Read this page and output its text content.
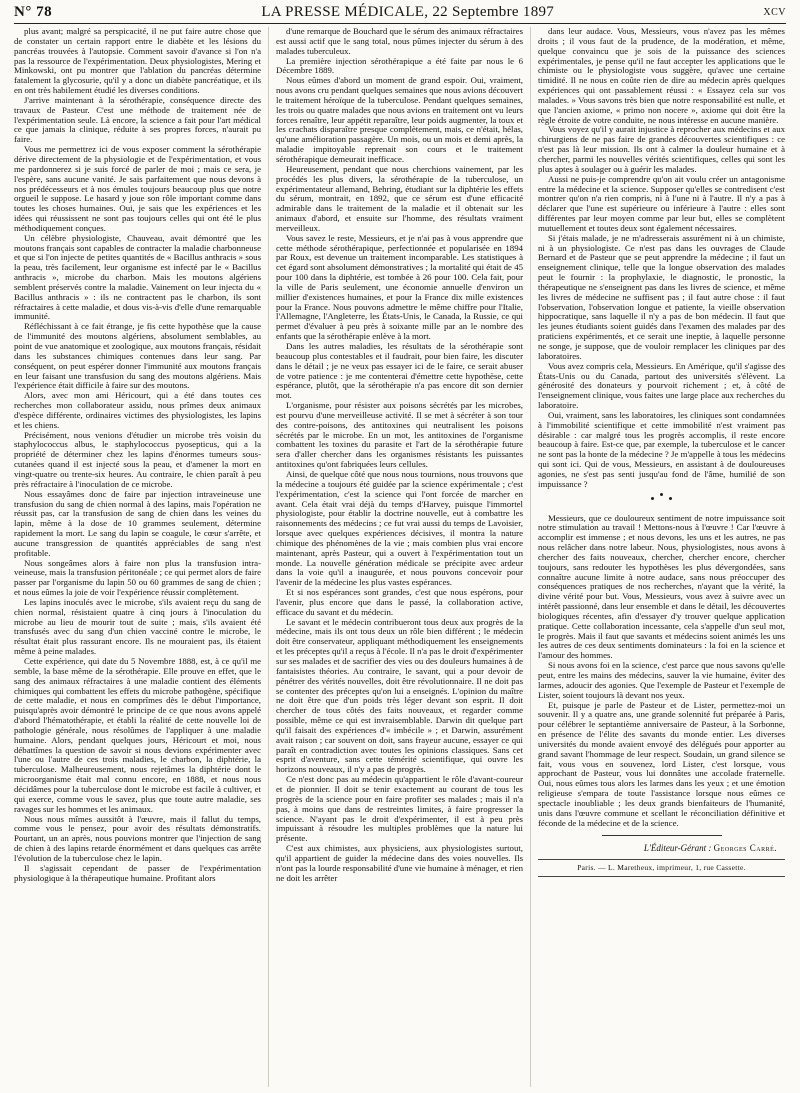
N° 78	LA PRESSE MÉDICALE, 22 Septembre 1897	XCV

plus avant; malgré sa perspicacité, il ne put faire autre chose que de constater un certain rapport entre le diabète et les lésions du pancréas trouvées à l'autopsie. Comment savoir d'avance si l'on n'a pas la ressource de l'expérimentation. Deux physiologistes, Mering et Minkowski, ont pu montrer que l'ablation du pancréas détermine fatalement la glycosurie, qu'il y a donc un diabète pancréatique, et ils en ont très habilement étudié les diverses conditions.

J'arrive maintenant à la sérothérapie, conséquence directe des travaux de Pasteur. C'est une méthode de traitement née de l'expérimentation seule. Là encore, la science a fait pour l'art médical ce que jamais la clinique, réduite à ses propres forces, n'aurait pu faire.

Vous me permettrez ici de vous exposer comment la sérothérapie dérive directement de la physiologie et de l'expérimentation, et vous me pardonnerez si je suis forcé de parler de moi ; mais ce sera, je l'espère, sans aucune vanité. Je sais parfaitement que nous devons à nos prédécesseurs et à nos émules toujours beaucoup plus que notre orgueil le suppose. Le hasard y joue son rôle important comme dans toutes les choses humaines. Oui, je sais que les expériences et les idées qui réussissent ne sont pas toujours celles qui ont été le plus méthodiquement conçues.

Un célèbre physiologiste, Chauveau, avait démontré que les moutons français sont capables de contracter la maladie charbonneuse et que si l'on injecte de petites quantités de « Bacillus anthracis » sous la peau, très facilement, leur organisme est infecté par le « Bacillus anthracis », microbe du charbon. Mais les moutons algériens semblent préservés contre la maladie. Vainement on leur injecta du « Bacillus anthracis » : ils ne contractent pas le charbon, ils sont réfractaires à cette maladie, et dous vis-à-vis d'elle d'une remarquable immunité.

Réfléchissant à ce fait étrange, je fis cette hypothèse que la cause de l'immunité des moutons algériens, absolument semblables, au point de vue anatomique et zoologique, aux moutons français, résidait dans les substances chimiques contenues dans leur sang. Par conséquent, on peut espérer donner l'immunité aux moutons français en leur faisant une transfusion du sang des moutons algériens. Mais l'expérience était difficile à faire sur des moutons.

Alors, avec mon ami Héricourt, qui a été dans toutes ces recherches mon collaborateur assidu, nous prîmes deux animaux d'espèce différente, ordinaires victimes des physiologistes, les lapins et les chiens.

Précisément, nous venions d'étudier un microbe très voisin du staphylococcus albus, le staphylococcus pyosepticus, qui a la propriété de déterminer chez les lapins d'énormes tumeurs sous-cutanées quand il est injecté sous la peau, et d'amener la mort en vingt-quatre ou trente-six heures. Au contraire, le chien paraît à peu près réfractaire à l'inoculation de ce microbe.

Nous essayâmes donc de faire par injection intraveineuse une transfusion du sang de chien normal à des lapins, mais l'opération ne réussit pas, car la transfusion de sang de chien dans les veines du lapin, même à la dose de 10 grammes seulement, détermine rapidement la mort. Le sang du lapin se coagule, le cœur s'arrête, et aucune transgression de quantités appréciables de sang n'est profitable.

Nous songeâmes alors à faire non plus la transfusion intra-veineuse, mais la transfusion péritonéale ; ce qui permet alors de faire passer par l'organisme du lapin 50 ou 60 grammes de sang de chien ; et nous eûmes la joie de voir l'expérience réussir complètement.

Les lapins inoculés avec le microbe, s'ils avaient reçu du sang de chien normal, résistaient quatre à cinq jours à l'inoculation du microbe au lieu de mourir tout de suite ; mais, s'ils avaient été transfusés avec du sang d'un chien vacciné contre le microbe, le résultat était plus rassurant encore. Ils ne mouraient pas, ils étaient même à peine malades.

Cette expérience, qui date du 5 Novembre 1888, est, à ce qu'il me semble, la base même de la sérothérapie. Elle prouve en effet, que le sang des animaux réfractaires à une maladie contient des éléments chimiques qui combattent les effets du microbe pathogène, spécifique de cette maladie, et nous en comprîmes dès le début l'importance, puisqu'après avoir démontré le principe de ce que nous avons appelé d'abord l'hématothérapie, et établi la réalité de cette nouvelle loi de pathologie générale, nous résolûmes de l'appliquer à une maladie humaine. Alors, pendant quelques jours, Héricourt et moi, nous débattîmes la question de savoir si nous devions expérimenter avec l'une ou l'autre de ces trois maladies, le charbon, la diphtérie, la tuberculose. Malheureusement, nous rejetâmes la diphtérie dont le microorganisme était mal connu encore, en 1888, et nous nous décidâmes pour la tuberculose dont le microbe est facile à cultiver, et qui exerce, comme vous le savez, plus que toute autre maladie, ses ravages sur les hommes et les animaux.

Nous nous mîmes aussitôt à l'œuvre, mais il fallut du temps, comme vous le pensez, pour avoir des résultats démonstratifs. Pourtant, un an après, nous pouvions montrer que l'injection de sang de chien à des lapins retarde énormément et dans quelques cas arrête l'évolution de la tuberculose chez le lapin.

Il s'agissait cependant de passer de l'expérimentation physiologique à la thérapeutique humaine. Profitant alors

d'une remarque de Bouchard que le sérum des animaux réfractaires est aussi actif que le sang total, nous pûmes injecter du sérum à des malades tuberculeux.

La première injection sérothérapique a été faite par nous le 6 Décembre 1889.

Nous eûmes d'abord un moment de grand espoir. Oui, vraiment, nous avons cru pendant quelques semaines que nous avions découvert le traitement héroïque de la tuberculose. Pendant quelques semaines, les trois ou quatre malades que nous avions en traitement ont vu leurs forces renaître, leur appétit reparaître, leur poids augmenter, la toux et les crachats disparaître presque complètement, mais, ce n'était, hélas, qu'une amélioration passagère. Un mois, ou un mois et demi après, la maladie impitoyable reprenait son cours et le traitement sérothérapique demeurait inefficace.

Heureusement, pendant que nous cherchions vainement, par les procédés les plus divers, la sérothérapie de la tuberculose, un expérimentateur allemand, Behring, étudiant sur la diphtérie les effets du sérum, montrait, en 1892, que ce sérum est d'une efficacité admirable dans le traitement de la maladie et il obtenait sur les animaux d'abord, et ensuite sur l'homme, des résultats vraiment merveilleux.

Vous savez le reste, Messieurs, et je n'ai pas à vous apprendre que cette méthode sérothérapique, perfectionnée et popularisée en 1894 par Roux, est devenue un traitement incomparable. Les statistiques à cet égard sont absolument démonstratives ; la mortalité qui était de 45 pour 100 dans la diphtérie, est tombée à 26 pour 100. Cela fait, pour la ville de Paris seulement, une économie annuelle d'environ un millier d'existences humaines, et pour la France dix mille existences pour la France. Nous pouvons admettre le même chiffre pour l'Italie, l'Allemagne, l'Angleterre, les États-Unis, le Canada, la Russie, ce qui permet d'évaluer à peu près à soixante mille par an le nombre des enfants que la sérothérapie enlève à la mort.

Dans les autres maladies, les résultats de la sérothérapie sont beaucoup plus contestables et il faudrait, pour bien faire, les discuter dans le détail ; je ne veux pas essayer ici de le faire, ce serait abuser de votre patience : je me contenterai d'émettre cette hypothèse, cette espérance, plutôt, que la sérothérapie n'a pas encore dit son dernier mot.

L'organisme, pour résister aux poisons sécrétés par les microbes, est pourvu d'une merveilleuse activité. Il se met à sécréter à son tour des contre-poisons, des antitoxines qui neutralisent les poisons sécrétés par le microbe. En un mot, les antitoxines de l'organisme combattent les toxines du parasite et l'art de la sérothérapie future sera d'aller chercher dans les organismes résistants les puissantes antitoxines qu'ont fabriquées leurs cellules.

Ainsi, de quelque côté que nous nous tournions, nous trouvons que la médecine a toujours été guidée par la science expérimentale ; c'est l'expérimentation, c'est la science qui l'ont forcée de marcher en avant. Cela était vrai déjà du temps d'Harvey, puisque l'immortel physiologiste, pour établir la doctrine nouvelle, eut à combattre les raisonnements des médecins ; ce fut vrai aussi du temps de Lavoisier, lorsque avec quelques expériences décisives, il montra la nature chimique des phénomènes de la vie ; mais combien plus vrai encore maintenant, après Pasteur, qui a ouvert à l'expérimentation tout un monde. La nouvelle génération médicale se précipite avec ardeur dans la voie qu'il a inaugurée, et nous pouvons concevoir pour l'avenir de la médecine les plus vastes espérances.

Et si nos espérances sont grandes, c'est que nous espérons, pour l'avenir, plus encore que dans le passé, la collaboration active, efficace du savant et du médecin.

Le savant et le médecin contribueront tous deux aux progrès de la médecine, mais ils ont tous deux un rôle bien différent ; le médecin doit être conservateur, appliquant méthodiquement les enseignements et les préceptes qu'il a reçus à l'école. Il n'a pas le droit d'expérimenter sur ses malades et de sacrifier des vies ou des douleurs humaines à de fantaisistes théories. Au contraire, le savant, qui a pour devoir de pénétrer des vérités nouvelles, doit être révolutionnaire. Il ne doit pas se contenter des préceptes qu'on lui a enseignés. L'opinion du maître ne doit être que d'un poids très léger devant son esprit. Il doit chercher de tous côtés des faits nouveaux, et regarder comme possible, même ce qui est invraisemblable. Darwin dit quelque part qu'il faisait des expériences d'« imbécile » ; et Darwin, assurément avait raison ; car souvent on doit, sans frayeur aucune, essayer ce qui paraît en contradiction avec toutes les opinions classiques. Sans cet esprit d'aventure, sans cette témérité scientifique, qui ouvre les horizons nouveaux, il n'y a pas de progrès.

Ce n'est donc pas au médecin qu'appartient le rôle d'avant-coureur et de pionnier. Il doit se tenir exactement au courant de tous les progrès de la science pour en faire profiter ses malades ; mais il n'a pas, à moins que dans de restreintes limites, à faire progresser la science. N'ayant pas le droit d'expérimenter, il est à peu près impuissant à résoudre les multiples problèmes que la nature lui présente.

C'est aux chimistes, aux physiciens, aux physiologistes surtout, qu'il appartient de guider la médecine dans des voies nouvelles. Ils n'ont pas la lourde responsabilité d'une vie humaine à ménager, et rien ne doit les arrêter

dans leur audace. Vous, Messieurs, vous n'avez pas les mêmes droits ; il vous faut de la prudence, de la modération, et même, quelque convaincu que je sois de la puissance des sciences expérimentales, je pense qu'il ne faut accepter les applications que le chimiste ou le physiologiste vous suggère, qu'avec une certaine timidité. Il ne nous en coûte rien de dire au médecin après quelques expériences qui ont passablement réussi : « Essayez cela sur vos malades. » Vous savons très bien que notre responsabilité est nulle, et que l'ancien axiome, « primo non nocere », axiome qui doit être la règle étroite de votre conduite, ne nous intéresse en aucune manière.

Vous voyez qu'il y aurait injustice à reprocher aux médecins et aux chirurgiens de ne pas faire de grandes découvertes scientifiques : ce n'est pas là leur mission. Ils ont à calmer la douleur humaine et à chercher, parmi les nouvelles vérités scientifiques, celles qui sont les plus aptes à soulager ou à guérir les malades.

Aussi ne puis-je comprendre qu'on ait voulu créer un antagonisme entre la médecine et la science. Supposer qu'elles se contredisent c'est montrer qu'on n'a rien compris, ni à l'une ni à l'autre. Il n'y a pas à déclarer que l'une est supérieure ou inférieure à l'autre : elles sont différentes par leur moyen comme par leur but, elles se complètent mutuellement et toutes deux sont également nécessaires.

Si j'étais malade, je ne m'adresserais assurément ni à un chimiste, ni à un physiologiste. Ce n'est pas dans les ouvrages de Claude Bernard et de Pasteur que se peut apprendre la médecine ; il faut un enseignement clinique, telle que la longue observation des malades peut le fournir : la prophylaxie, le diagnostic, le pronostic, la thérapeutique ne s'enseignent pas dans les livres de science, et même les livres de médecine ne suffisent pas ; il faut autre chose : il faut l'observation, l'observation longue et patiente, la vieille observation hippocratique, sans laquelle il n'y a pas de bon médecin. Il faut que les jeunes étudiants soient guidés dans l'examen des malades par des praticiens expérimentés, et ce serait une ineptie, à laquelle personne ne songe, je suppose, que de vouloir remplacer les cliniques par des laboratoires.

Vous avez compris cela, Messieurs. En Amérique, qu'il s'agisse des États-Unis ou du Canada, partout des universités s'élèvent. La générosité des donateurs y pourvoit richement ; et, à côté de l'enseignement clinique, vous faites une large place aux recherches du laboratoire.

Oui, vraiment, sans les laboratoires, les cliniques sont condamnées à l'immobilité scientifique et cette immobilité n'est vraiment pas désirable : car malgré tous les progrès accomplis, il reste encore beaucoup à faire. Est-ce que, par exemple, la tuberculose et le cancer ne sont pas la honte de la médecine ? Je m'appelle à tous les médecins qui sont ici. Qui de vous, Messieurs, en assistant à de douloureuses agonies, ne s'est pas senti jusqu'au fond de l'âme, humilié de son impuissance ?

Messieurs, que ce douloureux sentiment de notre impuissance soit notre stimulation au travail ! Mettons-nous à l'œuvre ! Car l'œuvre à accomplir est immense ; et nous devons, les uns et les autres, ne pas nous relâcher dans notre labeur. Nous, physiologistes, nous avons à chercher des faits nouveaux, chercher, chercher encore, chercher toujours, sans redouter les hypothèses les plus dévergondées, sans connaître aucune limite à notre audace, sans nous préoccuper des conséquences pratiques de nos recherches, n'ayant que la vérité, la divine vérité pour but. Vous, Messieurs, vous avez à suivre avec un intérêt passionné, dans leur ensemble et dans le détail, les découvertes biologiques récentes, afin d'essayer d'y trouver quelque application pratique. Cette collaboration incessante, cela s'appelle d'un seul mot, le progrès. Mais il faut que savants et médecins soient animés les uns les autres de ces deux sentiments dominateurs : la foi en la science et l'amour des hommes.

Si nous avons foi en la science, c'est parce que nous savons qu'elle peut, entre les mains des médecins, sauver la vie humaine, éviter des larmes, adoucir des agonies. Que l'exemple de Pasteur et l'exemple de Lister, soient toujours là devant nos yeux.

Et, puisque je parle de Pasteur et de Lister, permettez-moi un souvenir. Il y a quatre ans, une grande solennité fut préparée à Paris, pour célébrer le septantième anniversaire de Pasteur, à la Sorbonne, en présence de l'élite des savants du monde entier. Les diverses universités du monde avaient envoyé des délégués pour apporter au grand savant l'hommage de leur respect. Soudain, un grand silence se fait, vous vous en souvenez, lord Lister, c'est lorsque, vous approchant de Pasteur, vous lui donnâtes une accolade fraternelle. Oui, nous eûmes tous alors les larmes dans les yeux ; et une émotion religieuse s'empara de toute l'assistance lorsque nous eûmes ce spectacle inoubliable ; les deux grands bienfaiteurs de l'humanité, unis dans l'œuvre commune et scellant le réconciliation définitive et féconde de la médecine et de la science.

L'Éditeur-Gérant : Georges Carré.
Paris. — L. Maretheux, imprimeur, 1, rue Cassette.
